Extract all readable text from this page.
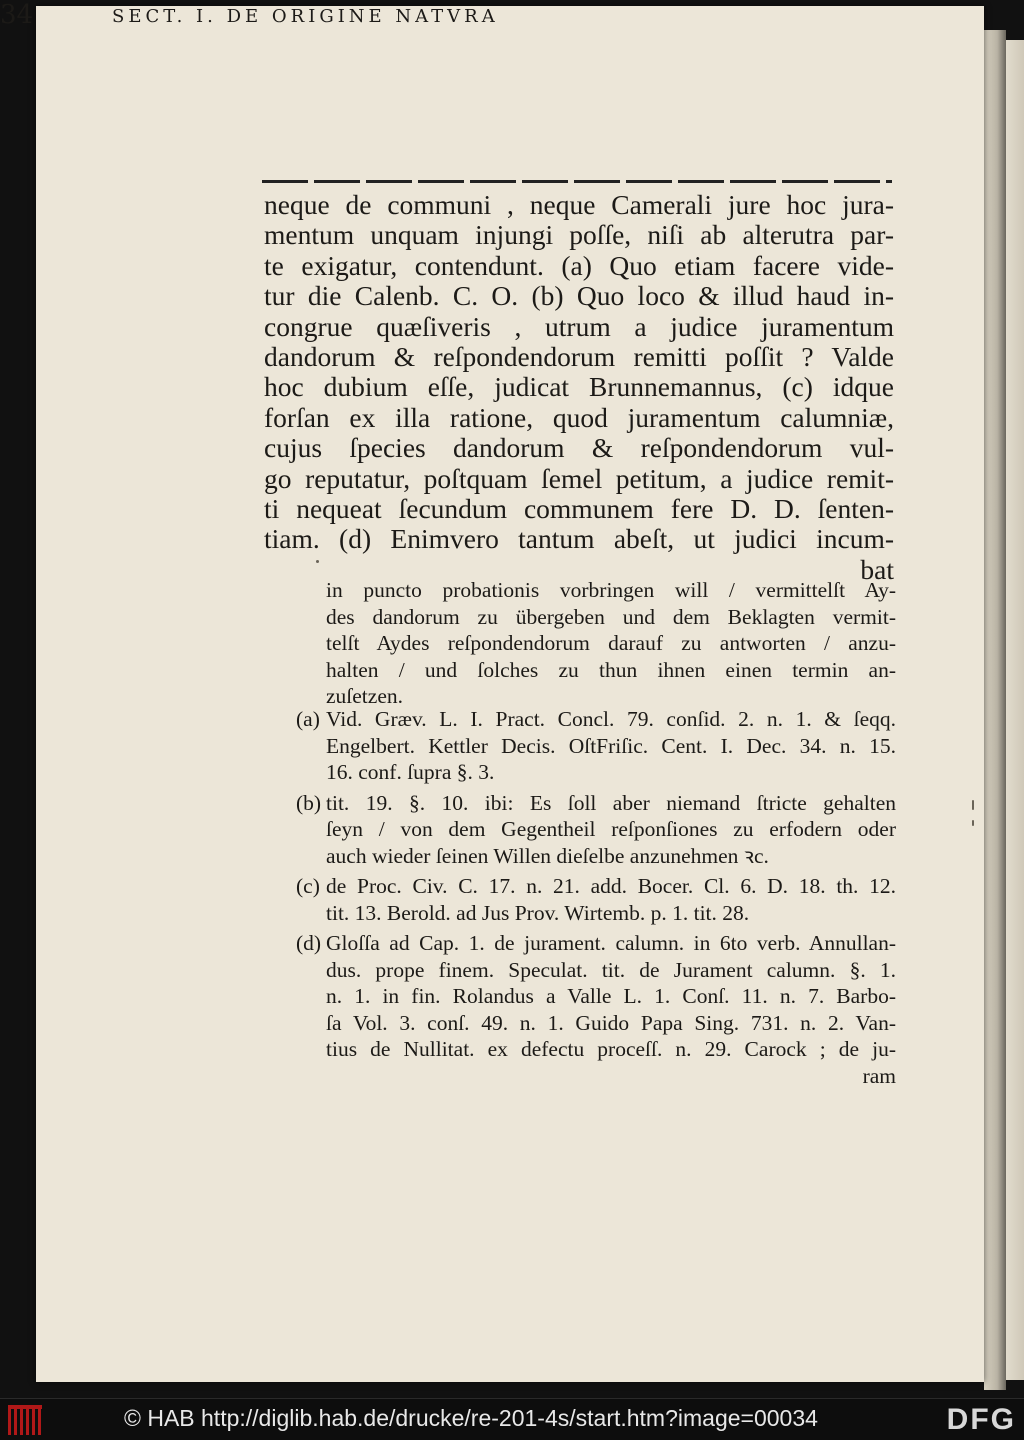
34	SECT. I. DE ORIGINE NATVRA
neque de communi , neque Camerali jure hoc jura-
mentum unquam injungi poſſe, niſi ab alterutra par-
te exigatur, contendunt. (a) Quo etiam facere vide-
tur die Calenb. C. O. (b) Quo loco & illud haud in-
congrue quæſiveris , utrum a judice juramentum
dandorum & reſpondendorum remitti poſſit ? Valde
hoc dubium eſſe, judicat Brunnemannus, (c) idque
forſan ex illa ratione, quod juramentum calumniæ,
cujus ſpecies dandorum & reſpondendorum vul-
go reputatur, poſtquam ſemel petitum, a judice remit-
ti nequeat ſecundum communem fere D. D. ſenten-
tiam. (d) Enimvero tantum abeſt, ut judici incum-
bat
in puncto probationis vorbringen will / vermittelſt Ay-
des dandorum zu übergeben und dem Beklagten vermit-
telſt Aydes reſpondendorum darauf zu antworten / anzu-
halten / und ſolches zu thun ihnen einen termin an-
zuſetzen.
(a) Vid. Græv. L. I. Pract. Concl. 79. conſid. 2. n. 1. & ſeqq.
Engelbert. Kettler Decis. OſtFriſic. Cent. I. Dec. 34. n. 15.
16. conf. ſupra §. 3.
(b) tit. 19. §. 10. ibi: Es ſoll aber niemand ſtricte gehalten
ſeyn / von dem Gegentheil reſponſiones zu erfodern oder
auch wieder ſeinen Willen dieſelbe anzunehmen ꝛc.
(c) de Proc. Civ. C. 17. n. 21. add. Bocer. Cl. 6. D. 18. th. 12.
tit. 13. Berold. ad Jus Prov. Wirtemb. p. 1. tit. 28.
(d) Gloſſa ad Cap. 1. de jurament. calumn. in 6to verb. Annullan-
dus. prope finem. Speculat. tit. de Jurament calumn. §. 1.
n. 1. in fin. Rolandus a Valle L. 1. Conſ. 11. n. 7. Barbo-
ſa Vol. 3. conſ. 49. n. 1. Guido Papa Sing. 731. n. 2. Van-
tius de Nullitat. ex defectu proceſſ. n. 29. Carock ; de ju-
ram
© HAB http://diglib.hab.de/drucke/re-201-4s/start.htm?image=00034	DFG
